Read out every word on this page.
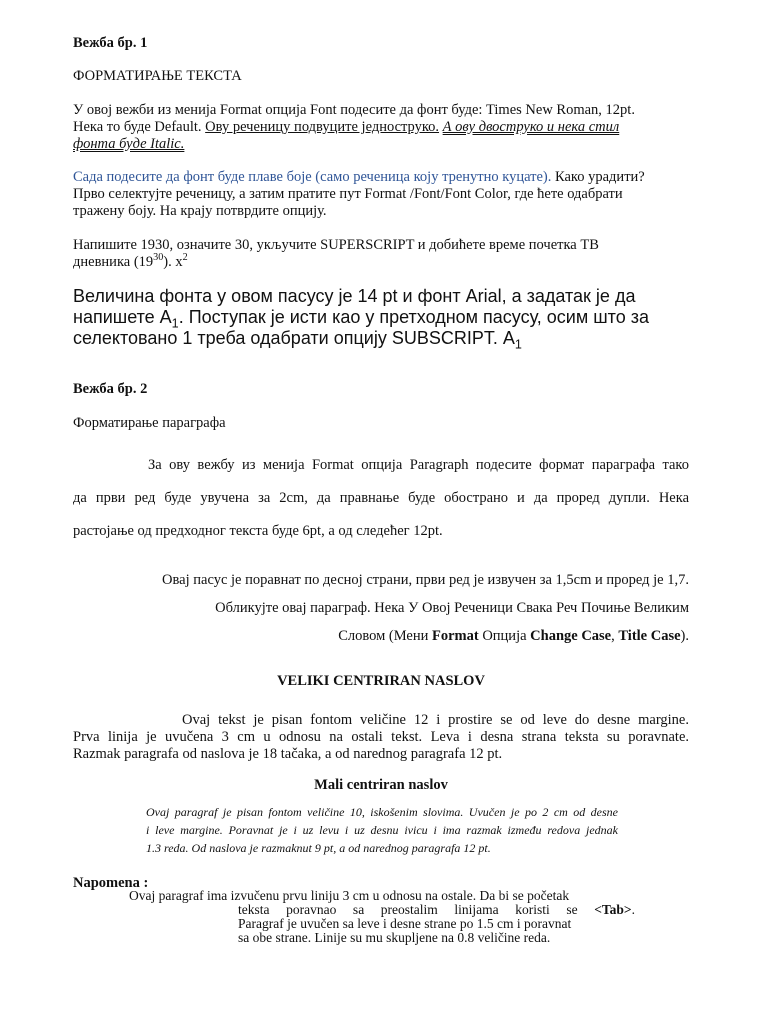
Вежба бр. 1
ФОРМАТИРАЊЕ ТЕКСТА
У овој вежби из менија Format опција Font подесите да фонт буде: Times New Roman, 12pt.
Нека то буде Default. Ову реченицу подвуците једноструко. А ову двоструко и нека стил
фонта буде Italic.
Сада подесите да фонт буде плаве боје (само реченица коју тренутно куцате). Како урадити?
Прво селектујте реченицу, а затим пратите пут Format /Font/Font Color, где ћете одабрати
тражену боју. На крају потврдите опцију.
Напишите 1930, означите 30, укључите SUPERSCRIPT и добићете време почетка ТВ
дневника $(19^{30})$. $x^2$
Величина фонта у овом пасусу је 14 pt и фонт Arial, а задатак је да
напишете $А_1$. Поступак је исти као у претходном пасусу, осим што за
селектовано 1 треба одабрати опцију SUBSCRIPT. $А_1$
Вежба бр. 2
Форматирање параграфа
За ову вежбу из менија Format опција Paragraph подесите формат параграфа тако
да први ред буде увучена за 2cm, да правнање буде обострано и да проред дупли. Нека
растојање од предходног текста буде 6pt, а од следећег 12pt.
Овај пасус је поравнат по десној страни, први ред је извучен за 1,5cm и проред је 1,7.
Обликујте овај параграф. Нека У Овој Реченици Свака Реч Почиње Великим
Словом (Мени Format Опција Change Case, Title Case).
VELIKI CENTRIRAN NASLOV
Ovaj tekst je pisan fontom veličine 12 i prostire se od leve do desne margine.
Prva linija je uvučena 3 cm u odnosu na ostali tekst. Leva i desna strana teksta su poravnate.
Razmak paragrafa od naslova je 18 tačaka, a od narednog paragrafa 12 pt.
Mali centriran naslov
Ovaj paragraf je pisan fontom veličine 10, iskošenim slovima. Uvučen je po 2 cm od desne
i leve margine. Poravnat je i uz levu i uz desnu ivicu i ima razmak između redova jednak
1.3 reda. Od naslova je razmaknut 9 pt, a od narednog paragrafa 12 pt.
Napomena :
Ovaj paragraf ima izvučenu prvu liniju 3 cm u odnosu na ostale. Da bi se početak
teksta poravnao sa preostalim linijama koristi se <Tab>.
Paragraf je uvučen sa leve i desne strane po 1.5 cm i poravnat
sa obe strane. Linije su mu skupljene na 0.8 veličine reda.
